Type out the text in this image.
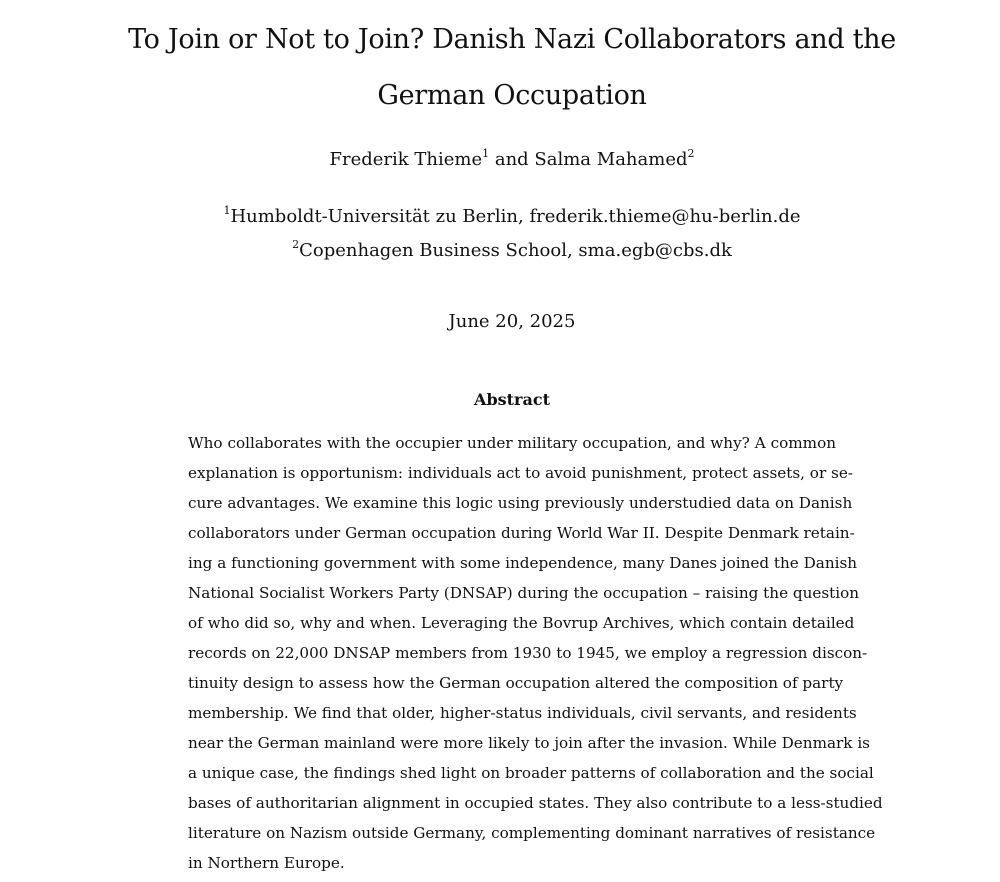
To Join or Not to Join? Danish Nazi Collaborators and the
German Occupation
Frederik Thieme$^1$ and Salma Mahamed$^2$
$^1$Humboldt-Universität zu Berlin, frederik.thieme@hu-berlin.de
$^2$Copenhagen Business School, sma.egb@cbs.dk
June 20, 2025
Abstract
Who collaborates with the occupier under military occupation, and why? A common
explanation is opportunism: individuals act to avoid punishment, protect assets, or se-
cure advantages. We examine this logic using previously understudied data on Danish
collaborators under German occupation during World War II. Despite Denmark retain-
ing a functioning government with some independence, many Danes joined the Danish
National Socialist Workers Party (DNSAP) during the occupation – raising the question
of who did so, why and when. Leveraging the Bovrup Archives, which contain detailed
records on 22,000 DNSAP members from 1930 to 1945, we employ a regression discon-
tinuity design to assess how the German occupation altered the composition of party
membership. We find that older, higher-status individuals, civil servants, and residents
near the German mainland were more likely to join after the invasion. While Denmark is
a unique case, the findings shed light on broader patterns of collaboration and the social
bases of authoritarian alignment in occupied states. They also contribute to a less-studied
literature on Nazism outside Germany, complementing dominant narratives of resistance
in Northern Europe.
